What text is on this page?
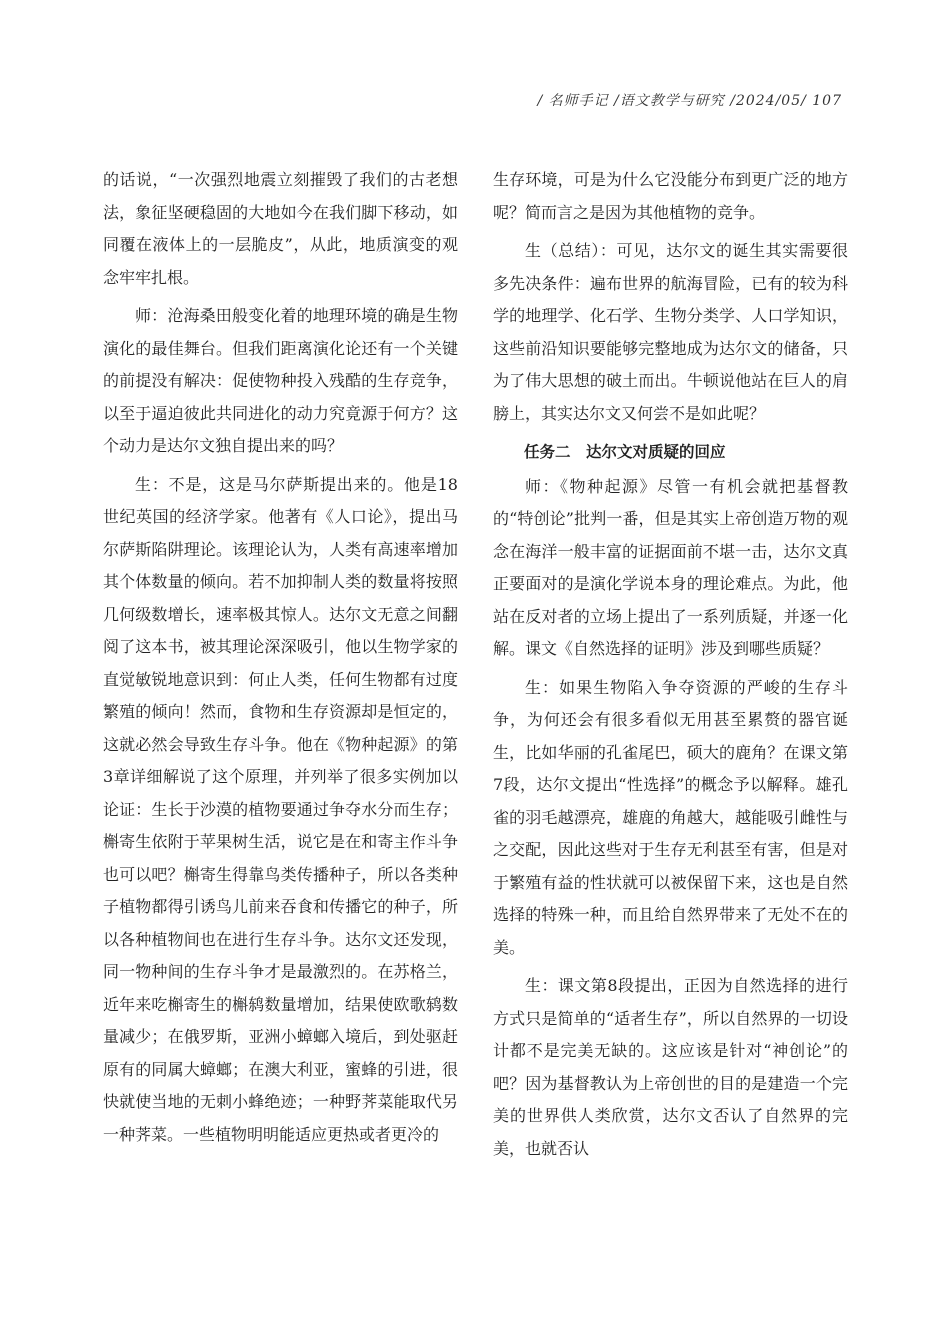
/ 名师手记 /语文教学与研究 /2024/05/ 107

的话说，“一次强烈地震立刻摧毁了我们的古老想法，象征坚硬稳固的大地如今在我们脚下移动，如同覆在液体上的一层脆皮”，从此，地质演变的观念牢牢扎根。

师：沧海桑田般变化着的地理环境的确是生物演化的最佳舞台。但我们距离演化论还有一个关键的前提没有解决：促使物种投入残酷的生存竞争，以至于逼迫彼此共同进化的动力究竟源于何方？这个动力是达尔文独自提出来的吗？

生：不是，这是马尔萨斯提出来的。他是18世纪英国的经济学家。他著有《人口论》，提出马尔萨斯陷阱理论。该理论认为，人类有高速率增加其个体数量的倾向。若不加抑制人类的数量将按照几何级数增长，速率极其惊人。达尔文无意之间翻阅了这本书，被其理论深深吸引，他以生物学家的直觉敏锐地意识到：何止人类，任何生物都有过度繁殖的倾向！然而，食物和生存资源却是恒定的，这就必然会导致生存斗争。他在《物种起源》的第3章详细解说了这个原理，并列举了很多实例加以论证：生长于沙漠的植物要通过争夺水分而生存；槲寄生依附于苹果树生活，说它是在和寄主作斗争也可以吧？槲寄生得靠鸟类传播种子，所以各类种子植物都得引诱鸟儿前来吞食和传播它的种子，所以各种植物间也在进行生存斗争。达尔文还发现，同一物种间的生存斗争才是最激烈的。在苏格兰，近年来吃槲寄生的槲鸫数量增加，结果使欧歌鸫数量减少；在俄罗斯，亚洲小蟑螂入境后，到处驱赶原有的同属大蟑螂；在澳大利亚，蜜蜂的引进，很快就使当地的无刺小蜂绝迹；一种野荠菜能取代另一种荠菜。一些植物明明能适应更热或者更冷的

生存环境，可是为什么它没能分布到更广泛的地方呢？简而言之是因为其他植物的竞争。

生（总结）：可见，达尔文的诞生其实需要很多先决条件：遍布世界的航海冒险，已有的较为科学的地理学、化石学、生物分类学、人口学知识，这些前沿知识要能够完整地成为达尔文的储备，只为了伟大思想的破土而出。牛顿说他站在巨人的肩膀上，其实达尔文又何尝不是如此呢？

任务二　达尔文对质疑的回应

师：《物种起源》尽管一有机会就把基督教的“特创论”批判一番，但是其实上帝创造万物的观念在海洋一般丰富的证据面前不堪一击，达尔文真正要面对的是演化学说本身的理论难点。为此，他站在反对者的立场上提出了一系列质疑，并逐一化解。课文《自然选择的证明》涉及到哪些质疑？

生：如果生物陷入争夺资源的严峻的生存斗争，为何还会有很多看似无用甚至累赘的器官诞生，比如华丽的孔雀尾巴，硕大的鹿角？在课文第7段，达尔文提出“性选择”的概念予以解释。雄孔雀的羽毛越漂亮，雄鹿的角越大，越能吸引雌性与之交配，因此这些对于生存无利甚至有害，但是对于繁殖有益的性状就可以被保留下来，这也是自然选择的特殊一种，而且给自然界带来了无处不在的美。

生：课文第8段提出，正因为自然选择的进行方式只是简单的“适者生存”，所以自然界的一切设计都不是完美无缺的。这应该是针对“神创论”的吧？因为基督教认为上帝创世的目的是建造一个完美的世界供人类欣赏，达尔文否认了自然界的完美，也就否认
